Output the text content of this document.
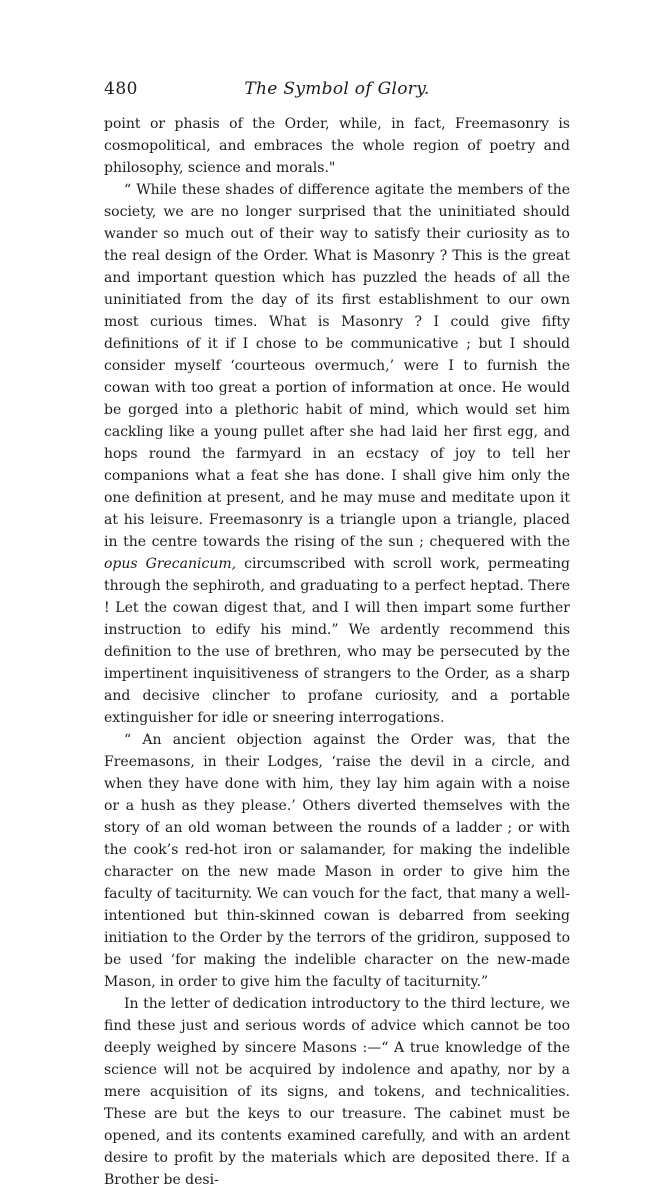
480	The Symbol of Glory.

point or phasis of the Order, while, in fact, Freemasonry is cosmopolitical, and embraces the whole region of poetry and philosophy, science and morals."

“ While these shades of difference agitate the members of the society, we are no longer surprised that the uninitiated should wander so much out of their way to satisfy their curiosity as to the real design of the Order. What is Masonry ? This is the great and important question which has puzzled the heads of all the uninitiated from the day of its first establishment to our own most curious times. What is Masonry ? I could give fifty definitions of it if I chose to be communicative ; but I should consider myself ‘courteous overmuch,’ were I to furnish the cowan with too great a portion of information at once. He would be gorged into a plethoric habit of mind, which would set him cackling like a young pullet after she had laid her first egg, and hops round the farmyard in an ecstacy of joy to tell her companions what a feat she has done. I shall give him only the one definition at present, and he may muse and meditate upon it at his leisure. Freemasonry is a triangle upon a triangle, placed in the centre towards the rising of the sun ; chequered with the opus Grecanicum, circumscribed with scroll work, permeating through the sephiroth, and graduating to a perfect heptad. There ! Let the cowan digest that, and I will then impart some further instruction to edify his mind.” We ardently recommend this definition to the use of brethren, who may be persecuted by the impertinent inquisitiveness of strangers to the Order, as a sharp and decisive clincher to profane curiosity, and a portable extinguisher for idle or sneering interrogations.

“ An ancient objection against the Order was, that the Freemasons, in their Lodges, ‘raise the devil in a circle, and when they have done with him, they lay him again with a noise or a hush as they please.’ Others diverted themselves with the story of an old woman between the rounds of a ladder ; or with the cook’s red-hot iron or salamander, for making the indelible character on the new made Mason in order to give him the faculty of taciturnity. We can vouch for the fact, that many a well-intentioned but thin-skinned cowan is debarred from seeking initiation to the Order by the terrors of the gridiron, supposed to be used ‘for making the indelible character on the new-made Mason, in order to give him the faculty of taciturnity.”

In the letter of dedication introductory to the third lecture, we find these just and serious words of advice which cannot be too deeply weighed by sincere Masons :—“ A true knowledge of the science will not be acquired by indolence and apathy, nor by a mere acquisition of its signs, and tokens, and technicalities. These are but the keys to our treasure. The cabinet must be opened, and its contents examined carefully, and with an ardent desire to profit by the materials which are deposited there. If a Brother be desi-
